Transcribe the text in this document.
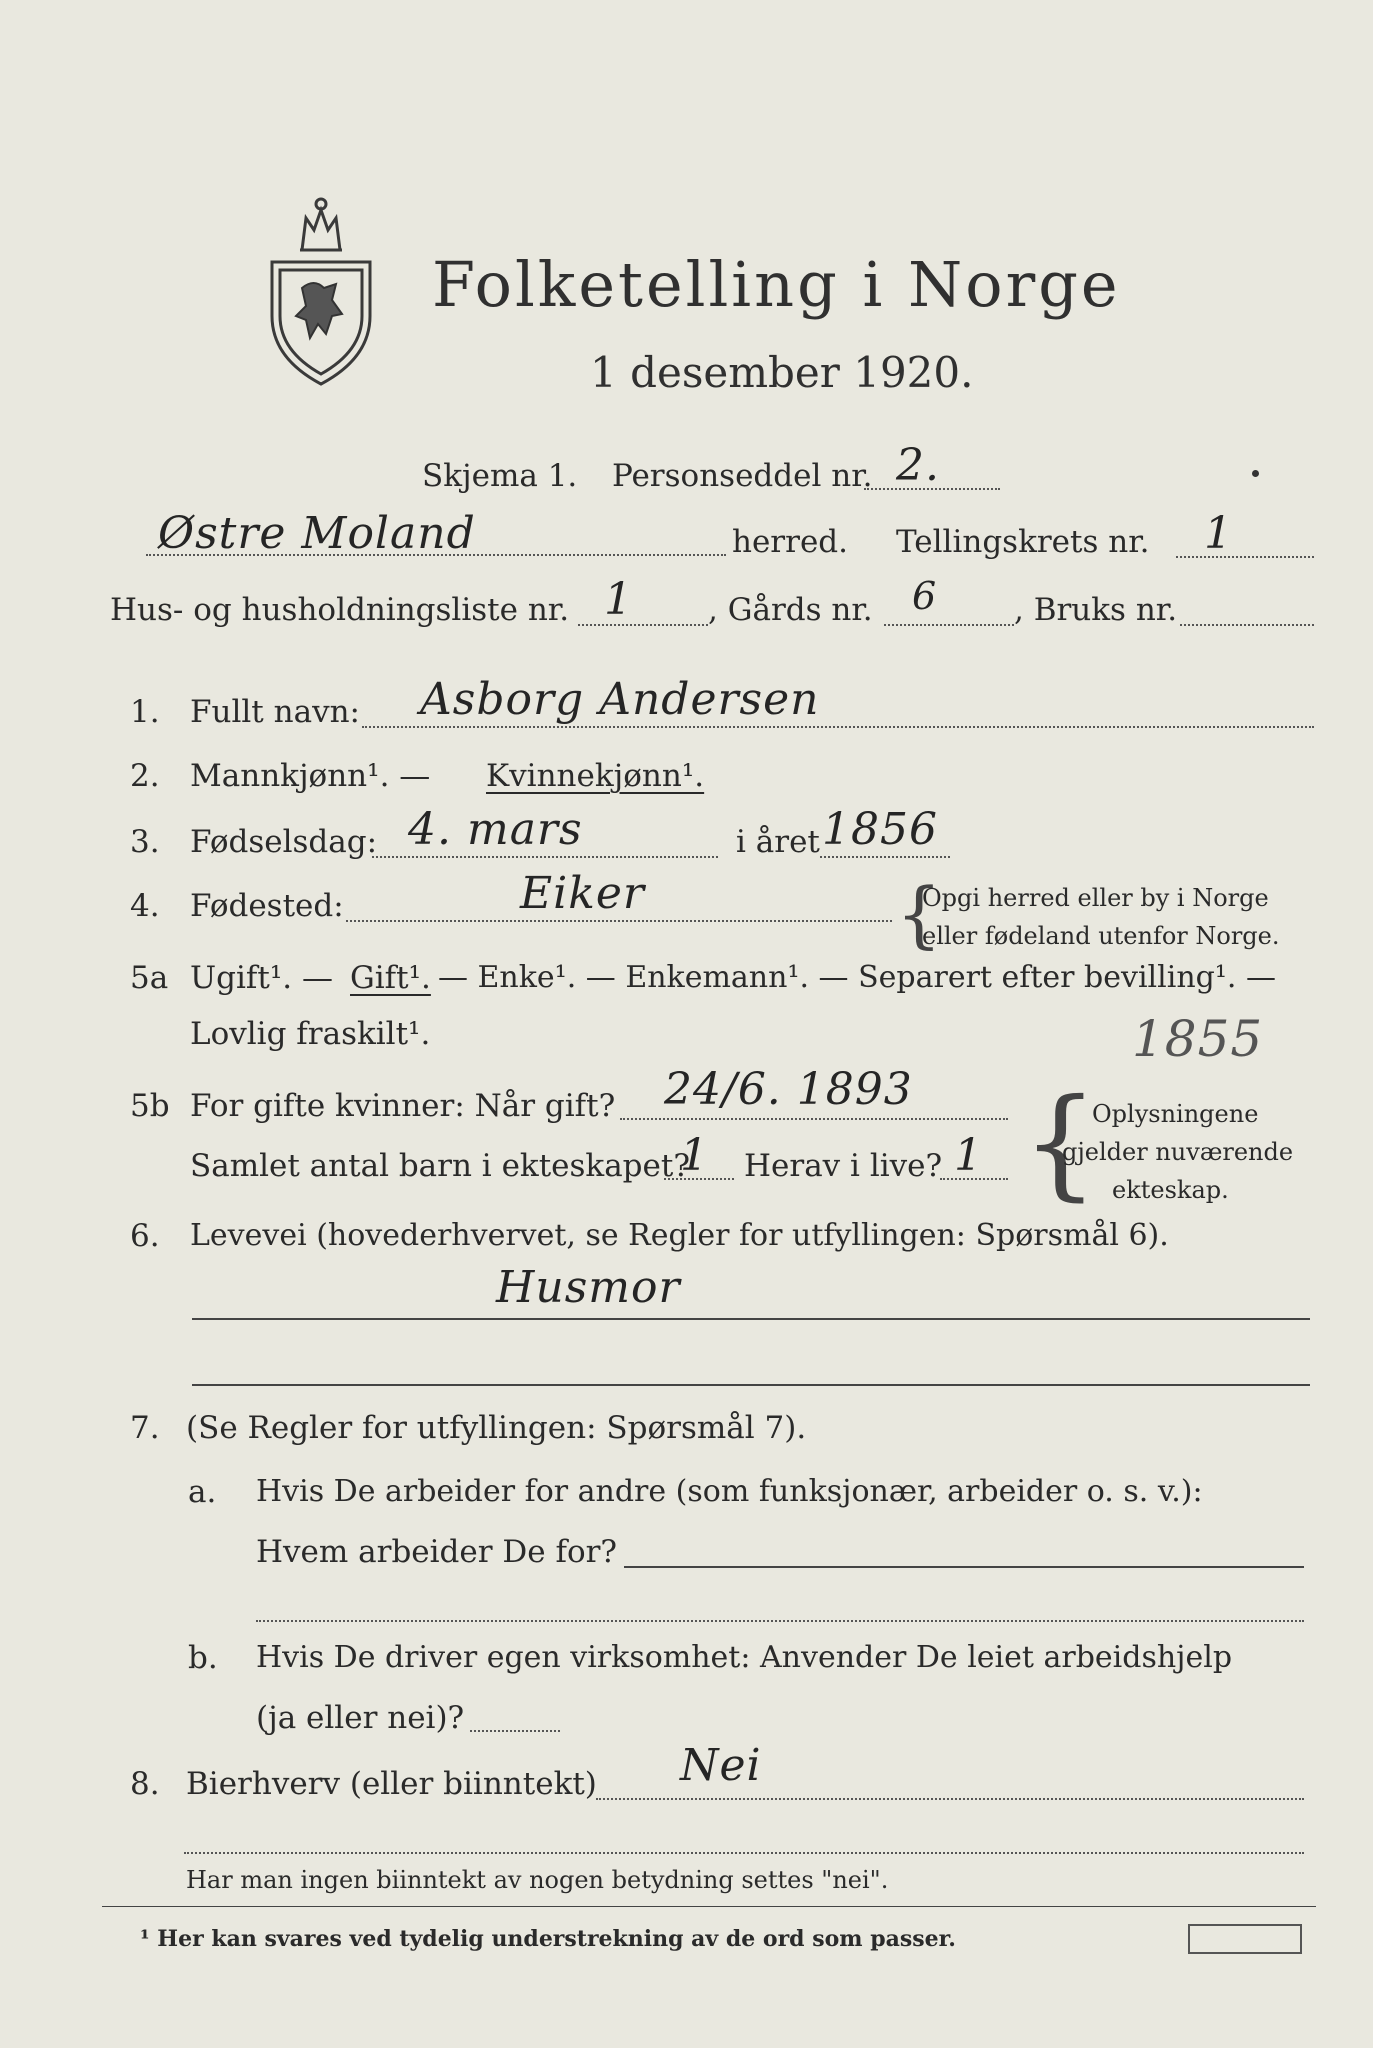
Folketelling i Norge
1 desember 1920.
Skjema 1. Personseddel nr. 2.
Østre Moland	herred. Tellingskrets nr. 1
Hus- og husholdningsliste nr. 1 , Gårds nr. 6 , Bruks nr.
1. Fullt navn: Asborg Andersen
2. Mannkjønn¹. — Kvinnekjønn¹.
3. Fødselsdag: 4. mars	i året 1856
4. Fødested:	Eiker	{
Opgi herred eller by i Norge
eller fødeland utenfor Norge.
5a Ugift¹. — Gift¹. — Enke¹. — Enkemann¹. — Separert efter bevilling¹. —
Lovlig fraskilt¹.	1855
5b For gifte kvinner: Når gift? 24/6. 1893
Samlet antal barn i ekteskapet?
1 Herav i live? 1 {
Oplysningene
gjelder nuværende
ekteskap.
6. Levevei (hovederhvervet, se Regler for utfyllingen: Spørsmål 6).
Husmor
7. (Se Regler for utfyllingen: Spørsmål 7).
a. Hvis De arbeider for andre (som funksjonær, arbeider o. s. v.):
Hvem arbeider De for?
b. Hvis De driver egen virksomhet: Anvender De leiet arbeidshjelp
(ja eller nei)?
8. Bierhverv (eller biinntekt) Nei
Har man ingen biinntekt av nogen betydning settes "nei".
¹ Her kan svares ved tydelig understrekning av de ord som passer.
